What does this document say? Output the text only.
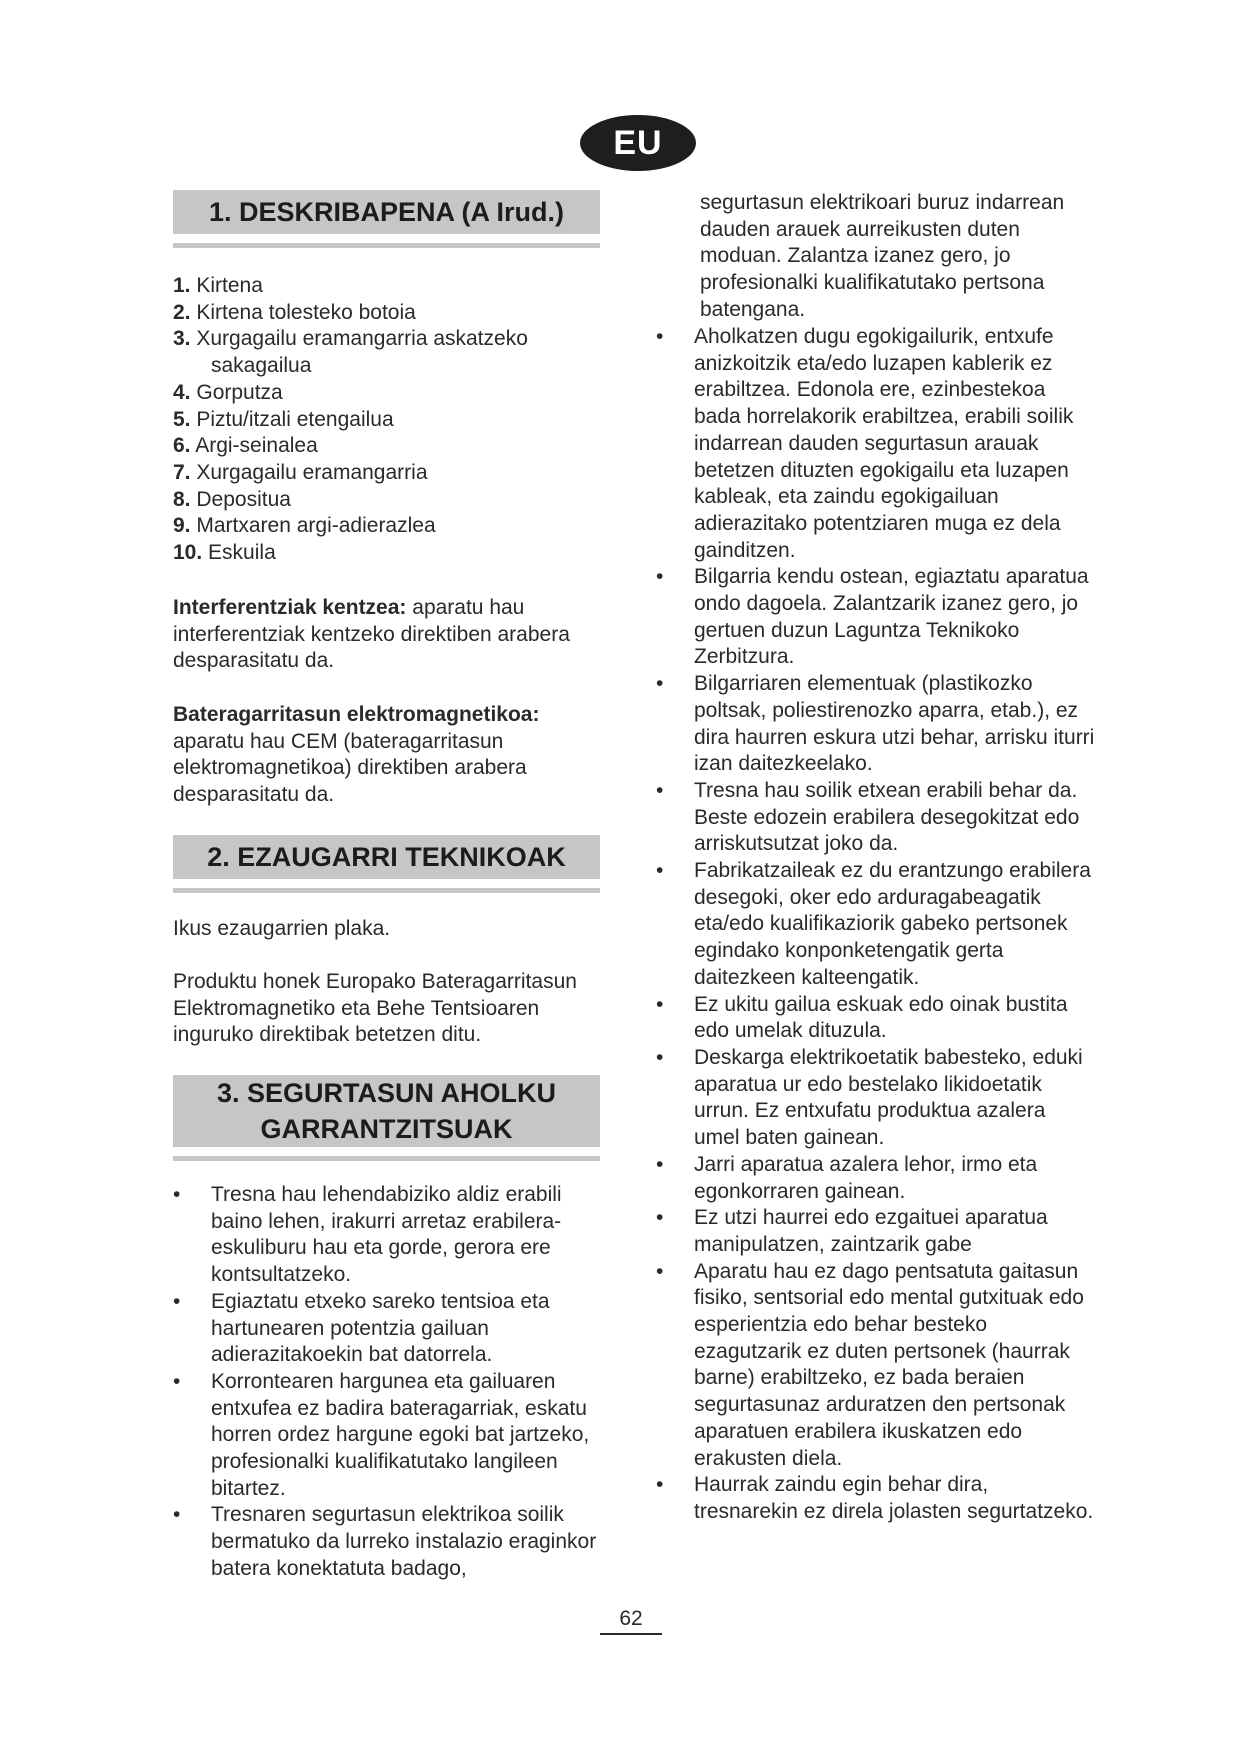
EU
1. DESKRIBAPENA (A Irud.)
1. Kirtena
2. Kirtena tolesteko botoia
3. Xurgagailu eramangarria askatzeko
sakagailua
4. Gorputza
5. Piztu/itzali etengailua
6. Argi-seinalea
7. Xurgagailu eramangarria
8. Depositua
9. Martxaren argi-adierazlea
10. Eskuila

Interferentziak kentzea: aparatu hau interferentziak kentzeko direktiben arabera desparasitatu da.

Bateragarritasun elektromagnetikoa:
aparatu hau CEM (bateragarritasun elektromagnetikoa) direktiben arabera desparasitatu da.

2. EZAUGARRI TEKNIKOAK

Ikus ezaugarrien plaka.

Produktu honek Europako Bateragarritasun Elektromagnetiko eta Behe Tentsioaren inguruko direktibak betetzen ditu.

3. SEGURTASUN AHOLKU
GARRANTZITSUAK
• Tresna hau lehendabiziko aldiz erabili baino lehen, irakurri arretaz erabilera-eskuliburu hau eta gorde, gerora ere kontsultatzeko.
• Egiaztatu etxeko sareko tentsioa eta hartunearen potentzia gailuan adierazitakoekin bat datorrela.
• Korrontearen hargunea eta gailuaren entxufea ez badira bateragarriak, eskatu horren ordez hargune egoki bat jartzeko, profesionalki kualifikatutako langileen bitartez.
• Tresnaren segurtasun elektrikoa soilik bermatuko da lurreko instalazio eraginkor batera konektatuta badago,

segurtasun elektrikoari buruz indarrean dauden arauek aurreikusten duten moduan. Zalantza izanez gero, jo profesionalki kualifikatutako pertsona batengana.

• Aholkatzen dugu egokigailurik, entxufe anizkoitzik eta/edo luzapen kablerik ez erabiltzea. Edonola ere, ezinbestekoa bada horrelakorik erabiltzea, erabili soilik indarrean dauden segurtasun arauak betetzen dituzten egokigailu eta luzapen kableak, eta zaindu egokigailuan adierazitako potentziaren muga ez dela gainditzen.
• Bilgarria kendu ostean, egiaztatu aparatua ondo dagoela. Zalantzarik izanez gero, jo gertuen duzun Laguntza Teknikoko Zerbitzura.
• Bilgarriaren elementuak (plastikozko poltsak, poliestirenozko aparra, etab.), ez dira haurren eskura utzi behar, arrisku iturri izan daitezkeelako.
• Tresna hau soilik etxean erabili behar da. Beste edozein erabilera desegokitzat edo arriskutsutzat joko da.
• Fabrikatzaileak ez du erantzungo erabilera desegoki, oker edo arduragabeagatik eta/edo kualifikaziorik gabeko pertsonek egindako konponketengatik gerta daitezkeen kalteengatik.
• Ez ukitu gailua eskuak edo oinak bustita edo umelak dituzula.
• Deskarga elektrikoetatik babesteko, eduki aparatua ur edo bestelako likidoetatik urrun. Ez entxufatu produktua azalera umel baten gainean.
• Jarri aparatua azalera lehor, irmo eta egonkorraren gainean.
• Ez utzi haurrei edo ezgaituei aparatua manipulatzen, zaintzarik gabe
• Aparatu hau ez dago pentsatuta gaitasun fisiko, sentsorial edo mental gutxituak edo esperientzia edo behar besteko ezagutzarik ez duten pertsonek (haurrak barne) erabiltzeko, ez bada beraien segurtasunaz arduratzen den pertsonak aparatuen erabilera ikuskatzen edo erakusten diela.
• Haurrak zaindu egin behar dira, tresnarekin ez direla jolasten segurtatzeko.
62
